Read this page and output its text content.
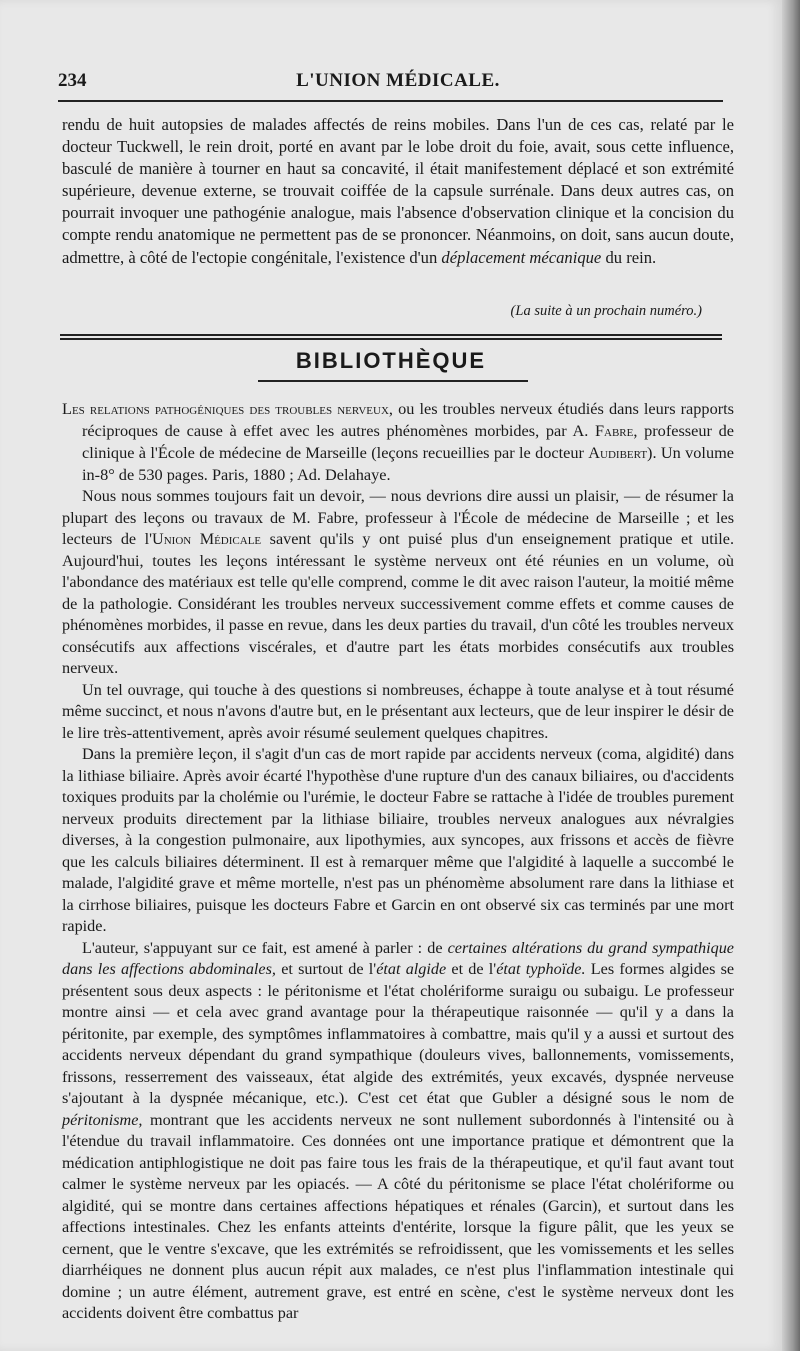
L'UNION MÉDICALE.
234

rendu de huit autopsies de malades affectés de reins mobiles. Dans l'un de ces cas, relaté par le docteur Tuckwell, le rein droit, porté en avant par le lobe droit du foie, avait, sous cette influence, basculé de manière à tourner en haut sa concavité, il était manifestement déplacé et son extrémité supérieure, devenue externe, se trouvait coiffée de la capsule surrénale. Dans deux autres cas, on pourrait invoquer une pathogénie analogue, mais l'absence d'observation clinique et la concision du compte rendu anatomique ne permettent pas de se prononcer. Néanmoins, on doit, sans aucun doute, admettre, à côté de l'ectopie congénitale, l'existence d'un déplacement mécanique du rein.

(La suite à un prochain numéro.)
BIBLIOTHÈQUE

Les relations pathogéniques des troubles nerveux, ou les troubles nerveux étudiés dans leurs rapports réciproques de cause à effet avec les autres phénomènes morbides, par A. Fabre, professeur de clinique à l'École de médecine de Marseille (leçons recueillies par le docteur Audibert). Un volume in-8° de 530 pages. Paris, 1880 ; Ad. Delahaye.

Nous nous sommes toujours fait un devoir, — nous devrions dire aussi un plaisir, — de résumer la plupart des leçons ou travaux de M. Fabre, professeur à l'École de médecine de Marseille ; et les lecteurs de l'Union Médicale savent qu'ils y ont puisé plus d'un enseignement pratique et utile. Aujourd'hui, toutes les leçons intéressant le système nerveux ont été réunies en un volume, où l'abondance des matériaux est telle qu'elle comprend, comme le dit avec raison l'auteur, la moitié même de la pathologie. Considérant les troubles nerveux successivement comme effets et comme causes de phénomènes morbides, il passe en revue, dans les deux parties du travail, d'un côté les troubles nerveux consécutifs aux affections viscérales, et d'autre part les états morbides consécutifs aux troubles nerveux.

Un tel ouvrage, qui touche à des questions si nombreuses, échappe à toute analyse et à tout résumé même succinct, et nous n'avons d'autre but, en le présentant aux lecteurs, que de leur inspirer le désir de le lire très-attentivement, après avoir résumé seulement quelques chapitres.

Dans la première leçon, il s'agit d'un cas de mort rapide par accidents nerveux (coma, algidité) dans la lithiase biliaire. Après avoir écarté l'hypothèse d'une rupture d'un des canaux biliaires, ou d'accidents toxiques produits par la cholémie ou l'urémie, le docteur Fabre se rattache à l'idée de troubles purement nerveux produits directement par la lithiase biliaire, troubles nerveux analogues aux névralgies diverses, à la congestion pulmonaire, aux lipothymies, aux syncopes, aux frissons et accès de fièvre que les calculs biliaires déterminent. Il est à remarquer même que l'algidité à laquelle a succombé le malade, l'algidité grave et même mortelle, n'est pas un phénomème absolument rare dans la lithiase et la cirrhose biliaires, puisque les docteurs Fabre et Garcin en ont observé six cas terminés par une mort rapide.

L'auteur, s'appuyant sur ce fait, est amené à parler : de certaines altérations du grand sympathique dans les affections abdominales, et surtout de l'état algide et de l'état typhoïde. Les formes algides se présentent sous deux aspects : le péritonisme et l'état cholériforme suraigu ou subaigu. Le professeur montre ainsi — et cela avec grand avantage pour la thérapeutique raisonnée — qu'il y a dans la péritonite, par exemple, des symptômes inflammatoires à combattre, mais qu'il y a aussi et surtout des accidents nerveux dépendant du grand sympathique (douleurs vives, ballonnements, vomissements, frissons, resserrement des vaisseaux, état algide des extrémités, yeux excavés, dyspnée nerveuse s'ajoutant à la dyspnée mécanique, etc.). C'est cet état que Gubler a désigné sous le nom de péritonisme, montrant que les accidents nerveux ne sont nullement subordonnés à l'intensité ou à l'étendue du travail inflammatoire. Ces données ont une importance pratique et démontrent que la médication antiphlogistique ne doit pas faire tous les frais de la thérapeutique, et qu'il faut avant tout calmer le système nerveux par les opiacés. — A côté du péritonisme se place l'état cholériforme ou algidité, qui se montre dans certaines affections hépatiques et rénales (Garcin), et surtout dans les affections intestinales. Chez les enfants atteints d'entérite, lorsque la figure pâlit, que les yeux se cernent, que le ventre s'excave, que les extrémités se refroidissent, que les vomissements et les selles diarrhéiques ne donnent plus aucun répit aux malades, ce n'est plus l'inflammation intestinale qui domine ; un autre élément, autrement grave, est entré en scène, c'est le système nerveux dont les accidents doivent être combattus par
